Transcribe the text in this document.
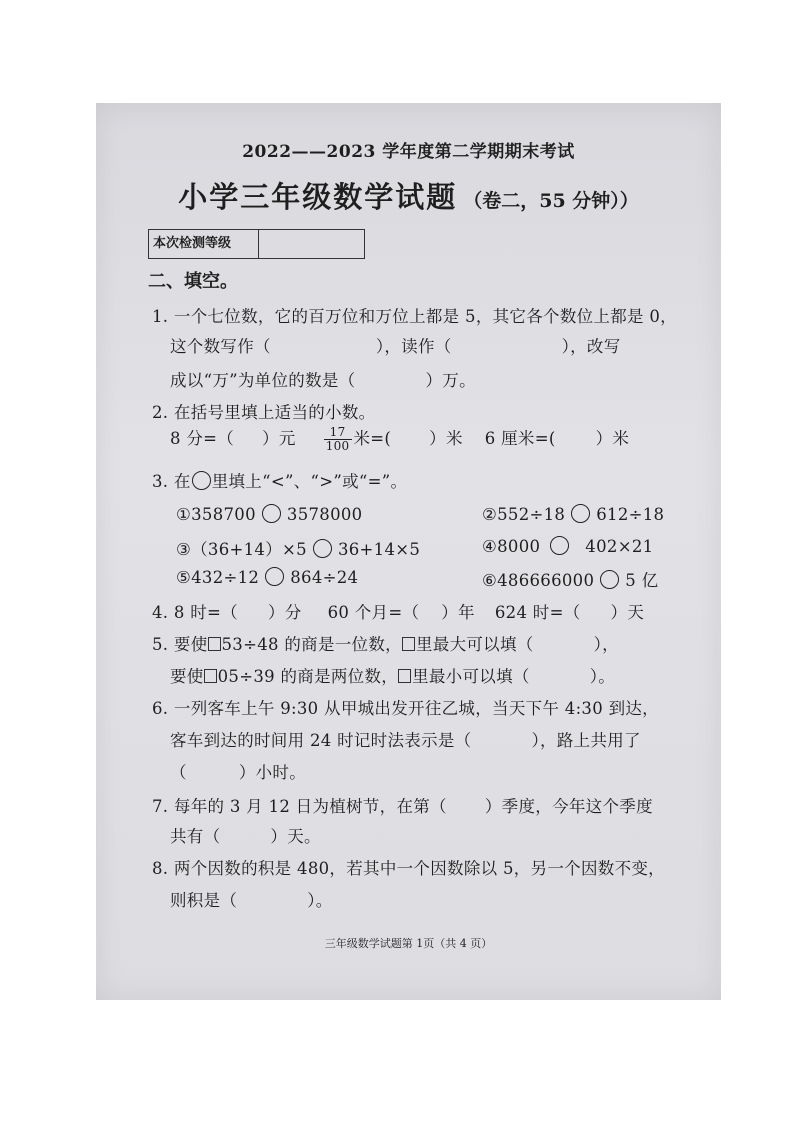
2022——2023 学年度第二学期期末考试
小学三年级数学试题 （卷二，55 分钟））
本次检测等级
二、填空。
1. 一个七位数，它的百万位和万位上都是 5，其它各个数位上都是 0，
这个数写作（	），读作（	），改写
成以“万”为单位的数是（	）万。
2. 在括号里填上适当的小数。
8 分=（ ）元 $\frac{17}{100}$ 米=( ）米 6 厘米=( ）米
3. 在 里填上“<”、“>”或“=”。
①358700 3578000	②552÷18 612÷18
③（36+14）×5 36+14×5	④8000	402×21
⑤432÷12 864÷24	⑥486666000 5 亿
4. 8 时=（ ）分 60 个月=（ ）年 624 时=（ ）天
5. 要使 53÷48 的商是一位数， 里最大可以填（	），
要使 05÷39 的商是两位数， 里最小可以填（	）。
6. 一列客车上午 9:30 从甲城出发开往乙城，当天下午 4:30 到达，
客车到达的时间用 24 时记时法表示是（	），路上共用了
（	）小时。
7. 每年的 3 月 12 日为植树节，在第（ ）季度，今年这个季度
共有（	）天。
8. 两个因数的积是 480，若其中一个因数除以 5，另一个因数不变，
则积是（	）。
三年级数学试题第 1页（共 4 页）
